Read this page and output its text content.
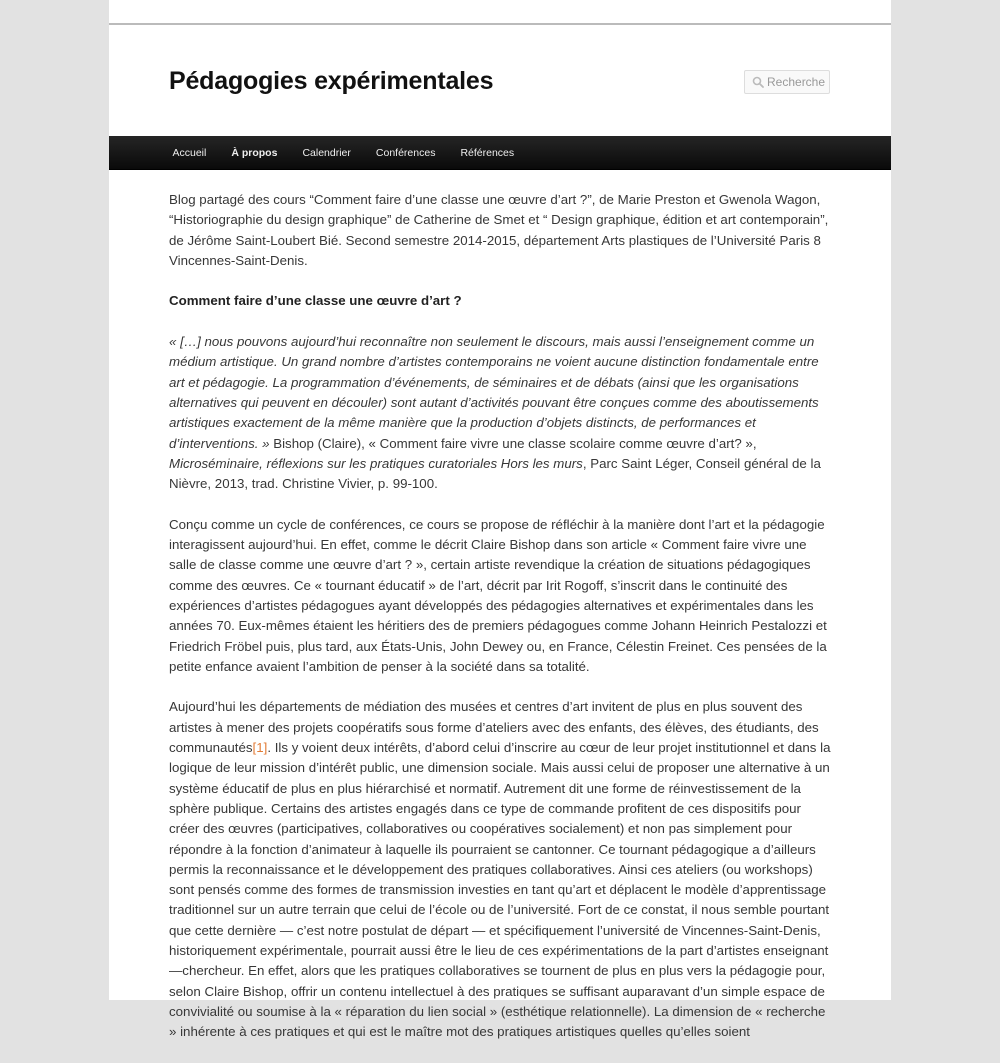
Pédagogies expérimentales
Recherche
Accueil	À propos	Calendrier	Conférences	Références

Blog partagé des cours “Comment faire d’une classe une œuvre d’art ?”, de Marie Preston et Gwenola Wagon, “Historiographie du design graphique” de Catherine de Smet et “ Design graphique, édition et art contemporain”, de Jérôme Saint-Loubert Bié. Second semestre 2014-2015, département Arts plastiques de l’Université Paris 8 Vincennes-Saint-Denis.

Comment faire d’une classe une œuvre d’art ?

« […] nous pouvons aujourd’hui reconnaître non seulement le discours, mais aussi l’enseignement comme un médium artistique. Un grand nombre d’artistes contemporains ne voient aucune distinction fondamentale entre art et pédagogie. La programmation d’événements, de séminaires et de débats (ainsi que les organisations alternatives qui peuvent en découler) sont autant d’activités pouvant être conçues comme des aboutissements artistiques exactement de la même manière que la production d’objets distincts, de performances et d’interventions. » Bishop (Claire), « Comment faire vivre une classe scolaire comme œuvre d’art? », Microséminaire, réflexions sur les pratiques curatoriales Hors les murs, Parc Saint Léger, Conseil général de la Nièvre, 2013, trad. Christine Vivier, p. 99-100.

Conçu comme un cycle de conférences, ce cours se propose de réfléchir à la manière dont l’art et la pédagogie interagissent aujourd’hui. En effet, comme le décrit Claire Bishop dans son article « Comment faire vivre une salle de classe comme une œuvre d’art ? », certain artiste revendique la création de situations pédagogiques comme des œuvres. Ce « tournant éducatif » de l’art, décrit par Irit Rogoff, s’inscrit dans le continuité des expériences d’artistes pédagogues ayant développés des pédagogies alternatives et expérimentales dans les années 70. Eux-mêmes étaient les héritiers des de premiers pédagogues comme Johann Heinrich Pestalozzi et Friedrich Fröbel puis, plus tard, aux États-Unis, John Dewey ou, en France, Célestin Freinet. Ces pensées de la petite enfance avaient l’ambition de penser à la société dans sa totalité.

Aujourd’hui les départements de médiation des musées et centres d’art invitent de plus en plus souvent des artistes à mener des projets coopératifs sous forme d’ateliers avec des enfants, des élèves, des étudiants, des communautés[1]. Ils y voient deux intérêts, d’abord celui d’inscrire au cœur de leur projet institutionnel et dans la logique de leur mission d’intérêt public, une dimension sociale. Mais aussi celui de proposer une alternative à un système éducatif de plus en plus hiérarchisé et normatif. Autrement dit une forme de réinvestissement de la sphère publique. Certains des artistes engagés dans ce type de commande profitent de ces dispositifs pour créer des œuvres (participatives, collaboratives ou coopératives socialement) et non pas simplement pour répondre à la fonction d’animateur à laquelle ils pourraient se cantonner. Ce tournant pédagogique a d’ailleurs permis la reconnaissance et le développement des pratiques collaboratives. Ainsi ces ateliers (ou workshops) sont pensés comme des formes de transmission investies en tant qu’art et déplacent le modèle d’apprentissage traditionnel sur un autre terrain que celui de l’école ou de l’université. Fort de ce constat, il nous semble pourtant que cette dernière — c’est notre postulat de départ — et spécifiquement l’université de Vincennes-Saint-Denis, historiquement expérimentale, pourrait aussi être le lieu de ces expérimentations de la part d’artistes enseignant —chercheur. En effet, alors que les pratiques collaboratives se tournent de plus en plus vers la pédagogie pour, selon Claire Bishop, offrir un contenu intellectuel à des pratiques se suffisant auparavant d’un simple espace de convivialité ou soumise à la « réparation du lien social » (esthétique relationnelle). La dimension de « recherche » inhérente à ces pratiques et qui est le maître mot des pratiques artistiques quelles qu’elles soient
